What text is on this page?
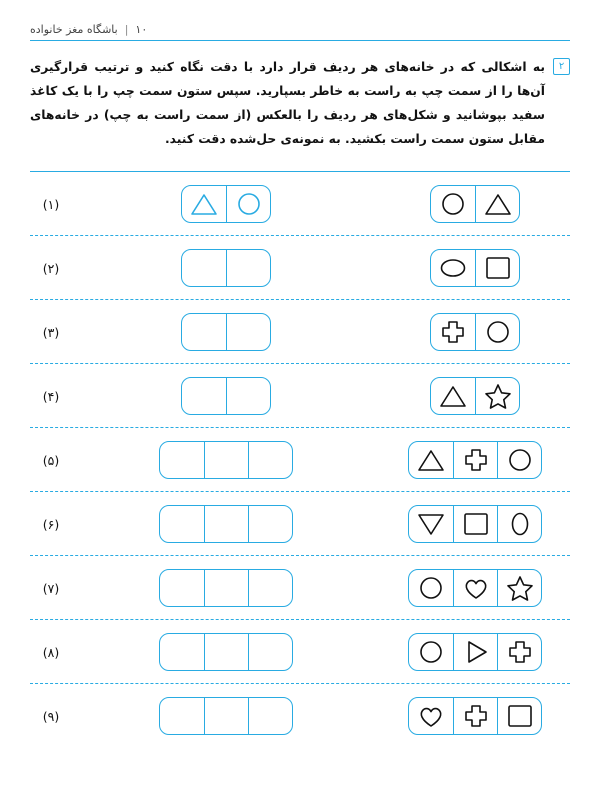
۱۰
|
باشگاه مغز خانواده
۲
به اشکالی که در خانه‌های هر ردیف قرار دارد با دقت نگاه کنید و ترتیب قرارگیری آن‌ها را از سمت چپ به راست به خاطر بسپارید. سپس ستون سمت چپ را با یک کاغذ سفید بپوشانید و شکل‌های هر ردیف را بالعکس (از سمت راست به چپ) در خانه‌های مقابل ستون سمت راست بکشید. به نمونه‌ی حل‌شده دقت کنید.
(۱)
(۲)
(۳)
(۴)
(۵)
(۶)
(۷)
(۸)
(۹)
